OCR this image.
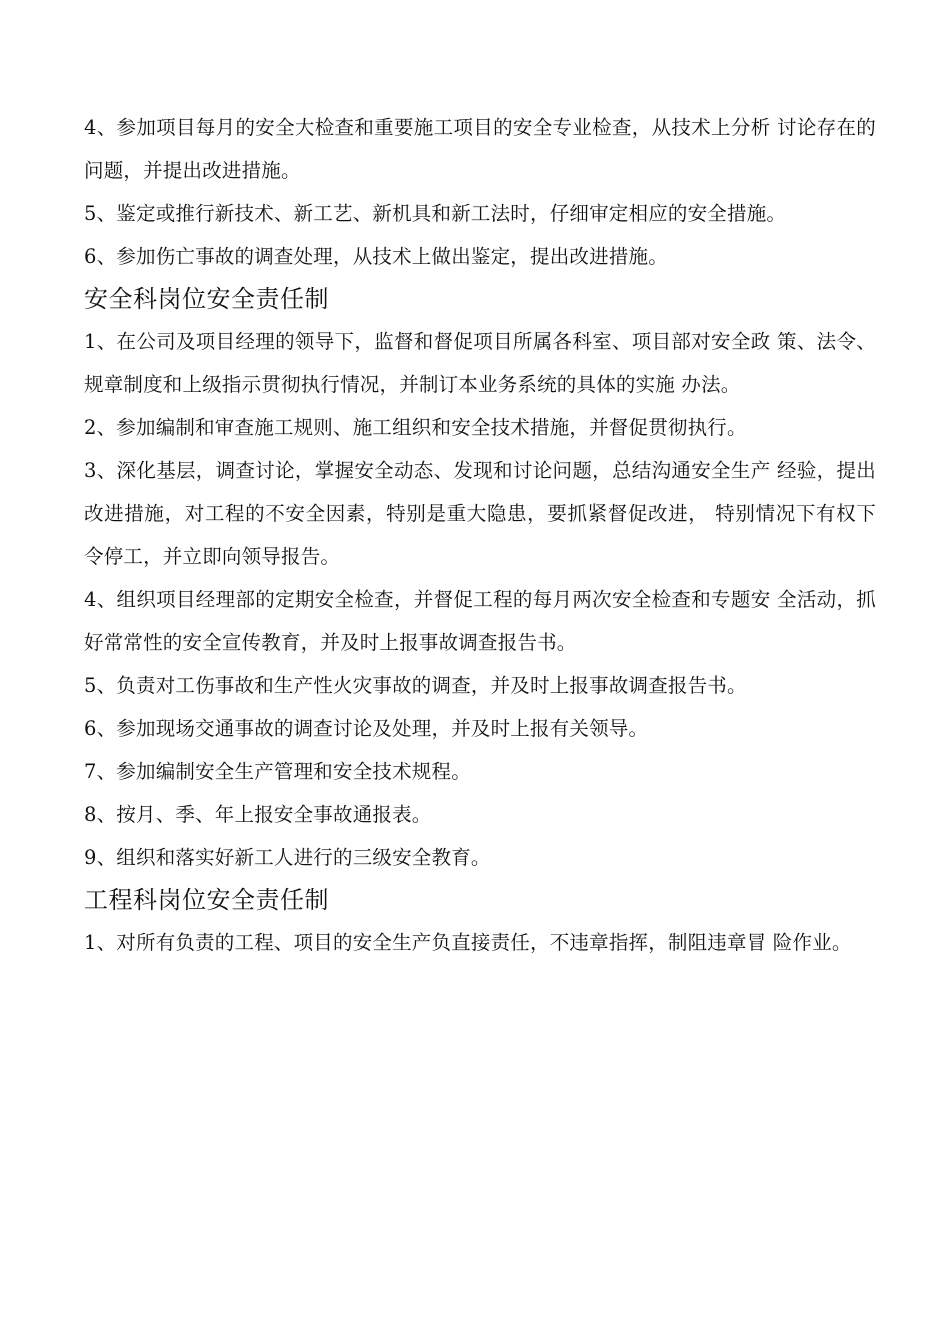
4、参加项目每月的安全大检查和重要施工项目的安全专业检查，从技术上分析 讨论存在的问题，并提出改进措施。

5、鉴定或推行新技术、新工艺、新机具和新工法时，仔细审定相应的安全措施。

6、参加伤亡事故的调查处理，从技术上做出鉴定，提出改进措施。

安全科岗位安全责任制

1、在公司及项目经理的领导下，监督和督促项目所属各科室、项目部对安全政 策、法令、规章制度和上级指示贯彻执行情况，并制订本业务系统的具体的实施 办法。

2、参加编制和审查施工规则、施工组织和安全技术措施，并督促贯彻执行。

3、深化基层，调查讨论，掌握安全动态、发现和讨论问题，总结沟通安全生产 经验，提出改进措施，对工程的不安全因素，特别是重大隐患，要抓紧督促改进， 特别情况下有权下令停工，并立即向领导报告。

4、组织项目经理部的定期安全检查，并督促工程的每月两次安全检查和专题安 全活动，抓好常常性的安全宣传教育，并及时上报事故调查报告书。

5、负责对工伤事故和生产性火灾事故的调查，并及时上报事故调查报告书。

6、参加现场交通事故的调查讨论及处理，并及时上报有关领导。

7、参加编制安全生产管理和安全技术规程。

8、按月、季、年上报安全事故通报表。

9、组织和落实好新工人进行的三级安全教育。

工程科岗位安全责任制

1、对所有负责的工程、项目的安全生产负直接责任，不违章指挥，制阻违章冒 险作业。
